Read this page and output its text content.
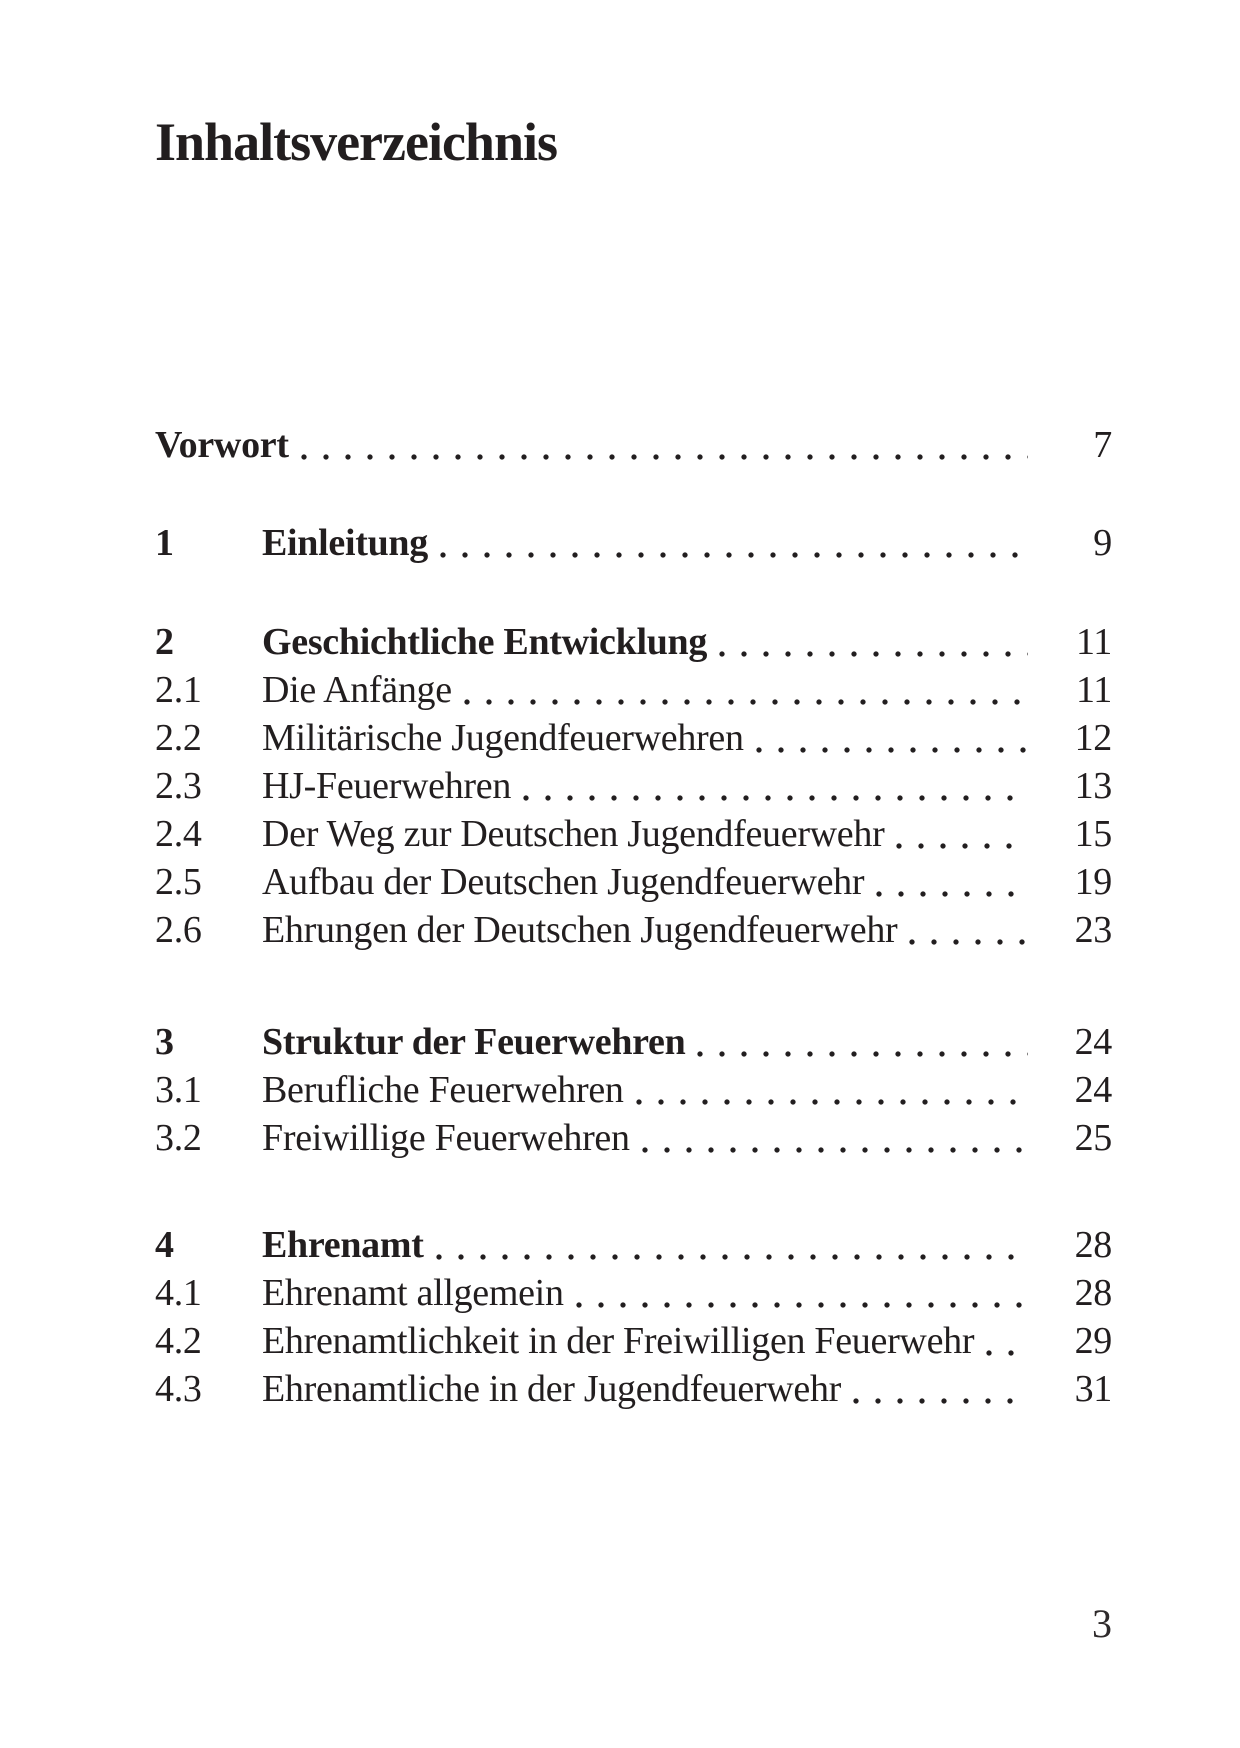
Inhaltsverzeichnis
Vorwort	7
1	Einleitung	9
2	Geschichtliche Entwicklung	11
2.1	Die Anfänge	11
2.2	Militärische Jugendfeuerwehren	12
2.3	HJ-Feuerwehren	13
2.4	Der Weg zur Deutschen Jugendfeuerwehr	15
2.5	Aufbau der Deutschen Jugendfeuerwehr	19
2.6	Ehrungen der Deutschen Jugendfeuerwehr	23
3	Struktur der Feuerwehren	24
3.1	Berufliche Feuerwehren	24
3.2	Freiwillige Feuerwehren	25
4	Ehrenamt	28
4.1	Ehrenamt allgemein	28
4.2	Ehrenamtlichkeit in der Freiwilligen Feuerwehr	29
4.3	Ehrenamtliche in der Jugendfeuerwehr	31
3
